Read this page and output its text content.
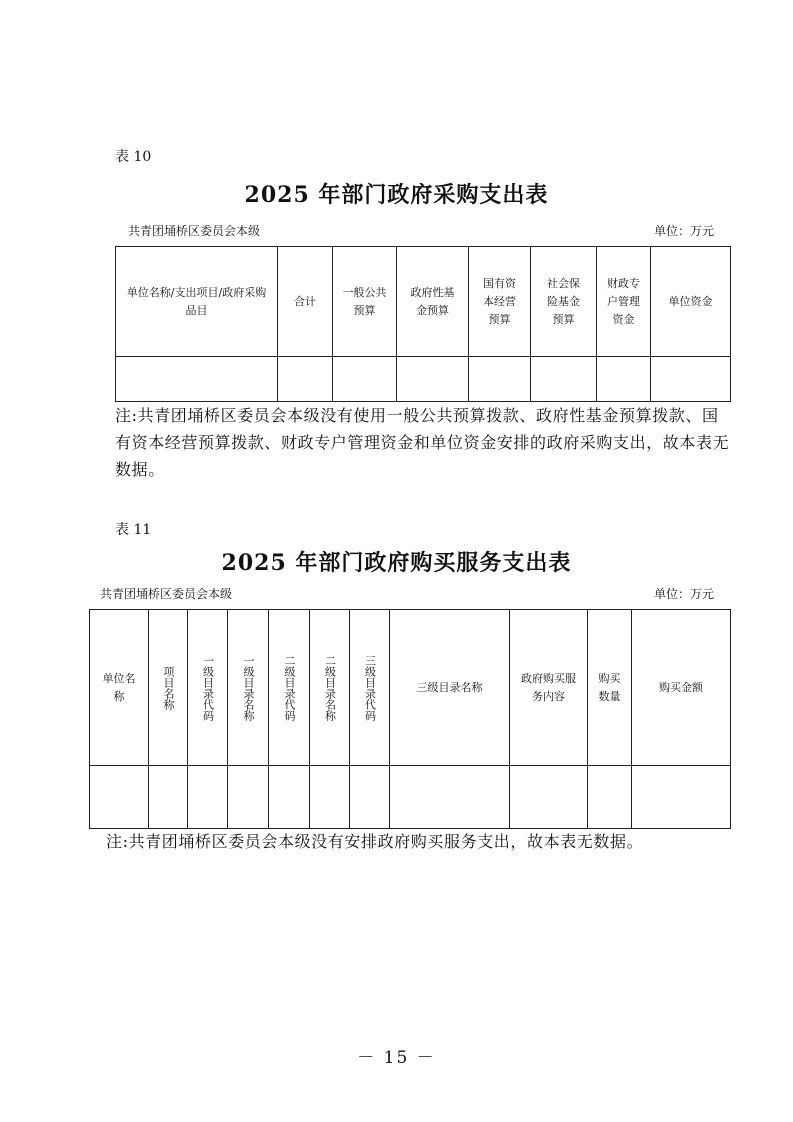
表 10
2025 年部门政府采购支出表
共青团埇桥区委员会本级	单位：万元
单位名称/支出项目/政府采购品目	合计	一般公共预算	政府性基金预算	国有资本经营预算	社会保险基金预算	财政专户管理资金	单位资金

注:共青团埇桥区委员会本级没有使用一般公共预算拨款、政府性基金预算拨款、国有资本经营预算拨款、财政专户管理资金和单位资金安排的政府采购支出，故本表无数据。
表 11
2025 年部门政府购买服务支出表
共青团埇桥区委员会本级	单位：万元
单位名称	项目名称	一级目录代码	一级目录名称	二级目录代码	二级目录名称	三级目录代码	三级目录名称	政府购买服务内容	购买数量	购买金额

注:共青团埇桥区委员会本级没有安排政府购买服务支出，故本表无数据。
－ 15 －
